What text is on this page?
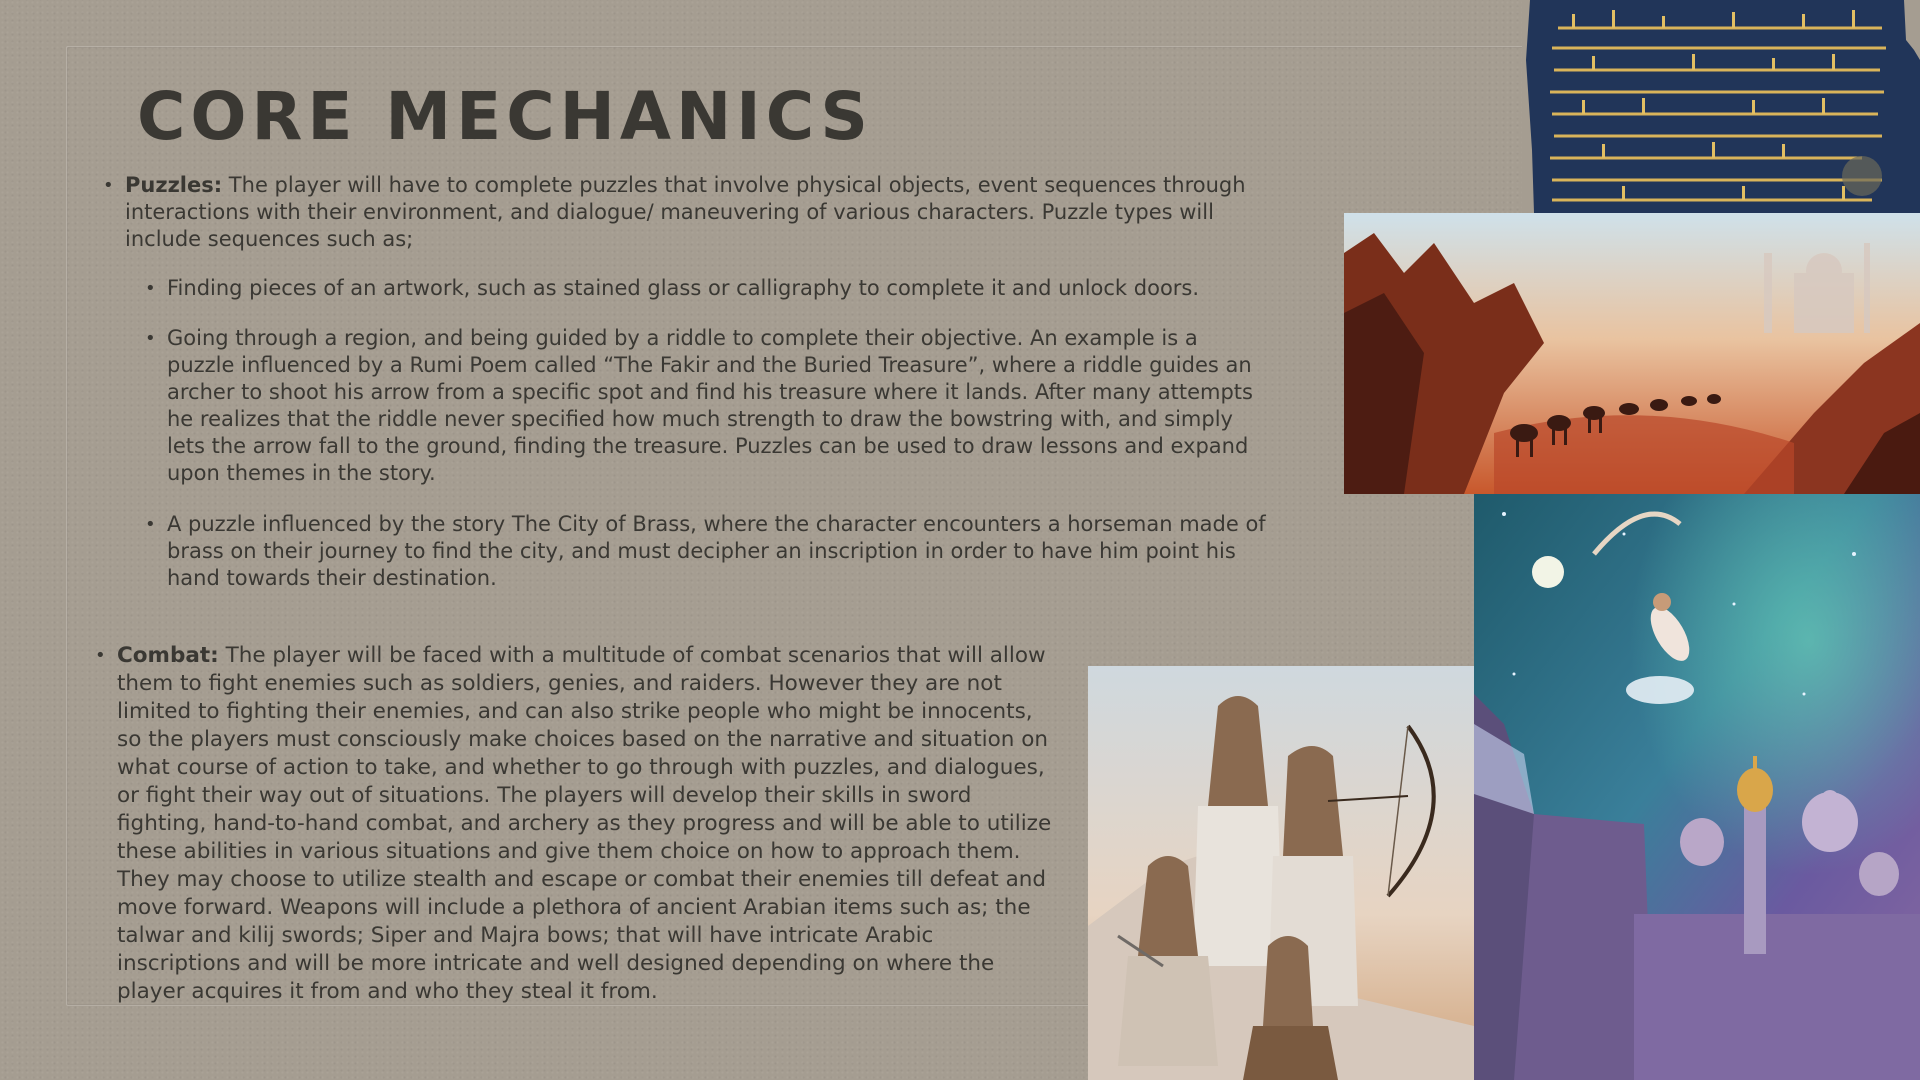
CORE MECHANICS

• Puzzles: The player will have to complete puzzles that involve physical objects, event sequences through interactions with their environment, and dialogue/ maneuvering of various characters. Puzzle types will include sequences such as;

• Finding pieces of an artwork, such as stained glass or calligraphy to complete it and unlock doors.

• Going through a region, and being guided by a riddle to complete their objective. An example is a puzzle influenced by a Rumi Poem called “The Fakir and the Buried Treasure”, where a riddle guides an archer to shoot his arrow from a specific spot and find his treasure where it lands. After many attempts he realizes that the riddle never specified how much strength to draw the bowstring with, and simply lets the arrow fall to the ground, finding the treasure. Puzzles can be used to draw lessons and expand upon themes in the story.

• A puzzle influenced by the story The City of Brass, where the character encounters a horseman made of brass on their journey to find the city, and must decipher an inscription in order to have him point his hand towards their destination.

• Combat: The player will be faced with a multitude of combat scenarios that will allow them to fight enemies such as soldiers, genies, and raiders. However they are not limited to fighting their enemies, and can also strike people who might be innocents, so the players must consciously make choices based on the narrative and situation on what course of action to take, and whether to go through with puzzles, and dialogues, or fight their way out of situations. The players will develop their skills in sword fighting, hand-to-hand combat, and archery as they progress and will be able to utilize these abilities in various situations and give them choice on how to approach them. They may choose to utilize stealth and escape or combat their enemies till defeat and move forward. Weapons will include a plethora of ancient Arabian items such as; the talwar and kilij swords; Siper and Majra bows; that will have intricate Arabic inscriptions and will be more intricate and well designed depending on where the player acquires it from and who they steal it from.
